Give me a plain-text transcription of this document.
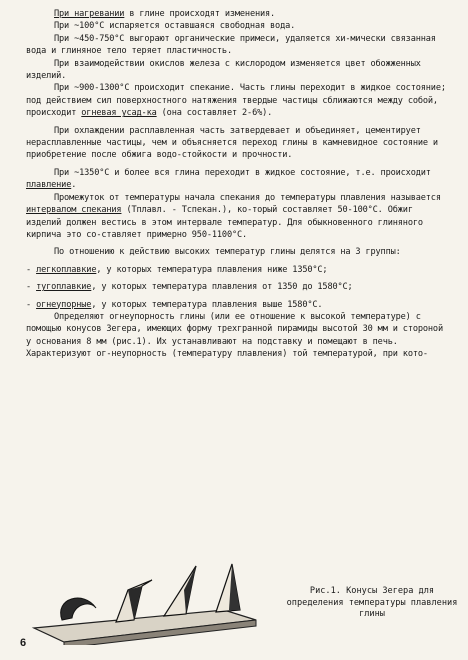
При нагревании в глине происходят изменения.

При ~100°С испаряется оставшаяся свободная вода.

При ~450-750°С выгорают органические примеси, удаляется хи-мически связанная вода и глиняное тело теряет пластичность.

При взаимодействии окислов железа с кислородом изменяется цвет обожженных изделий.

При ~900-1300°С происходит спекание. Часть глины переходит в жидкое состояние; под действием сил поверхностного натяжения твердые частицы сближаются между собой, происходит огневая усад-ка (она составляет 2-6%).

При охлаждении расплавленная часть затвердевает и объединяет, цементирует нерасплавленные частицы, чем и объясняется переход глины в камневидное состояние и приобретение после обжига водо-стойкости и прочности.

При ~1350°С и более вся глина переходит в жидкое состояние, т.е. происходит плавление.

Промежуток от температуры начала спекания до температуры плавления называется интервалом спекания (Тплавл. - Тспекан.), ко-торый составляет 50-100°С. Обжиг изделий должен вестись в этом интервале температур. Для обыкновенного глиняного кирпича это со-ставляет примерно 950-1100°С.

По отношению к действию высоких температур глины делятся на 3 группы:

- легкоплавкие, у которых температура плавления ниже 1350°С;

- тугоплавкие, у которых температура плавления от 1350 до 1580°С;

- огнеупорные, у которых температура плавления выше 1580°С.

Определяют огнеупорность глины (или ее отношение к высокой температуре) с помощью конусов Зегера, имеющих форму трехгранной пирамиды высотой 30 мм и стороной у основания 8 мм (рис.1). Их устанавливают на подставку и помещают в печь. Характеризуют ог-неупорность (температуру плавления) той температурой, при кото-

Рис.1. Конусы Зегера для определения температуры плавления глины
6
